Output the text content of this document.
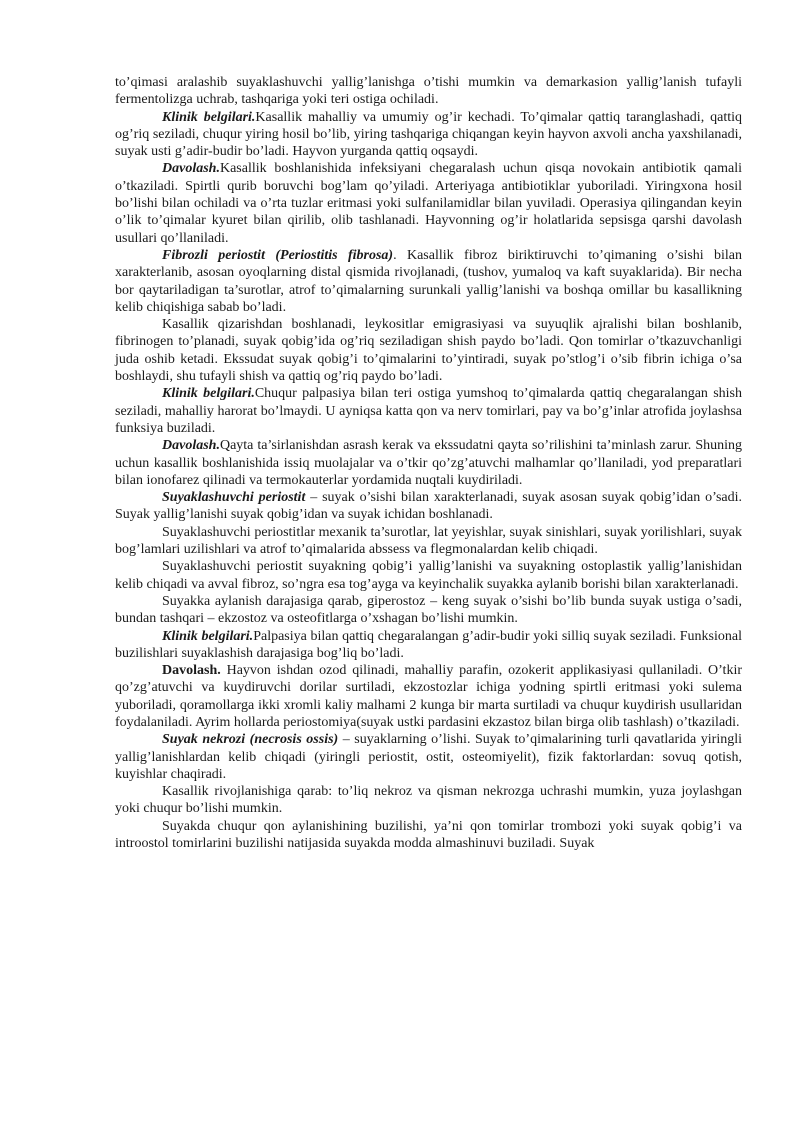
to’qimasi aralashib suyaklashuvchi yallig’lanishga o’tishi mumkin va demarkasion yallig’lanish tufayli fermentolizga uchrab, tashqariga yoki teri ostiga ochiladi.

Klinik belgilari.Kasallik mahalliy va umumiy og’ir kechadi. To’qimalar qattiq taranglashadi, qattiq og’riq seziladi, chuqur yiring hosil bo’lib, yiring tashqariga chiqangan keyin hayvon axvoli ancha yaxshilanadi, suyak usti g’adir-budir bo’ladi. Hayvon yurganda qattiq oqsaydi.

Davolash.Kasallik boshlanishida infeksiyani chegaralash uchun qisqa novokain antibiotik qamali o’tkaziladi. Spirtli qurib boruvchi bog’lam qo’yiladi. Arteriyaga antibiotiklar yuboriladi. Yiringxona hosil bo’lishi bilan ochiladi va o’rta tuzlar eritmasi yoki sulfanilamidlar bilan yuviladi. Operasiya qilingandan keyin o’lik to’qimalar kyuret bilan qirilib, olib tashlanadi. Hayvonning og’ir holatlarida sepsisga qarshi davolash usullari qo’llaniladi.

Fibrozli periostit (Periostitis fibrosa). Kasallik fibroz biriktiruvchi to’qimaning o’sishi bilan xarakterlanib, asosan oyoqlarning distal qismida rivojlanadi, (tushov, yumaloq va kaft suyaklarida). Bir necha bor qaytariladigan ta’surotlar, atrof to’qimalarning surunkali yallig’lanishi va boshqa omillar bu kasallikning kelib chiqishiga sabab bo’ladi.

Kasallik qizarishdan boshlanadi, leykositlar emigrasiyasi va suyuqlik ajralishi bilan boshlanib, fibrinogen to’planadi, suyak qobig’ida og’riq seziladigan shish paydo bo’ladi. Qon tomirlar o’tkazuvchanligi juda oshib ketadi. Ekssudat suyak qobig’i to’qimalarini to’yintiradi, suyak po’stlog’i o’sib fibrin ichiga o’sa boshlaydi, shu tufayli shish va qattiq og’riq paydo bo’ladi.

Klinik belgilari.Chuqur palpasiya bilan teri ostiga yumshoq to’qimalarda qattiq chegaralangan shish seziladi, mahalliy harorat bo’lmaydi. U ayniqsa katta qon va nerv tomirlari, pay va bo’g’inlar atrofida joylashsa funksiya buziladi.

Davolash.Qayta ta’sirlanishdan asrash kerak va ekssudatni qayta so’rilishini ta’minlash zarur. Shuning uchun kasallik boshlanishida issiq muolajalar va o’tkir qo’zg’atuvchi malhamlar qo’llaniladi, yod preparatlari bilan ionofarez qilinadi va termokauterlar yordamida nuqtali kuydiriladi.

Suyaklashuvchi periostit – suyak o’sishi bilan xarakterlanadi, suyak asosan suyak qobig’idan o’sadi. Suyak yallig’lanishi suyak qobig’idan va suyak ichidan boshlanadi.

Suyaklashuvchi periostitlar mexanik ta’surotlar, lat yeyishlar, suyak sinishlari, suyak yorilishlari, suyak bog’lamlari uzilishlari va atrof to’qimalarida abssess va flegmonalardan kelib chiqadi.

Suyaklashuvchi periostit suyakning qobig’i yallig’lanishi va suyakning ostoplastik yallig’lanishidan kelib chiqadi va avval fibroz, so’ngra esa tog’ayga va keyinchalik suyakka aylanib borishi bilan xarakterlanadi.

Suyakka aylanish darajasiga qarab, giperostoz – keng suyak o’sishi bo’lib bunda suyak ustiga o’sadi, bundan tashqari – ekzostoz va osteofitlarga o’xshagan bo’lishi mumkin.

Klinik belgilari.Palpasiya bilan qattiq chegaralangan g’adir-budir yoki silliq suyak seziladi. Funksional buzilishlari suyaklashish darajasiga bog’liq bo’ladi.

Davolash. Hayvon ishdan ozod qilinadi, mahalliy parafin, ozokerit applikasiyasi qullaniladi. O’tkir qo’zg’atuvchi va kuydiruvchi dorilar surtiladi, ekzostozlar ichiga yodning spirtli eritmasi yoki sulema yuboriladi, qoramollarga ikki xromli kaliy malhami 2 kunga bir marta surtiladi va chuqur kuydirish usullaridan foydalaniladi. Ayrim hollarda periostomiya(suyak ustki pardasini ekzastoz bilan birga olib tashlash) o’tkaziladi.

Suyak nekrozi (necrosis ossis) – suyaklarning o’lishi. Suyak to’qimalarining turli qavatlarida yiringli yallig’lanishlardan kelib chiqadi (yiringli periostit, ostit, osteomiyelit), fizik faktorlardan: sovuq qotish, kuyishlar chaqiradi.

Kasallik rivojlanishiga qarab: to’liq nekroz va qisman nekrozga uchrashi mumkin, yuza joylashgan yoki chuqur bo’lishi mumkin.

Suyakda chuqur qon aylanishining buzilishi, ya’ni qon tomirlar trombozi yoki suyak qobig’i va introostol tomirlarini buzilishi natijasida suyakda modda almashinuvi buziladi. Suyak
